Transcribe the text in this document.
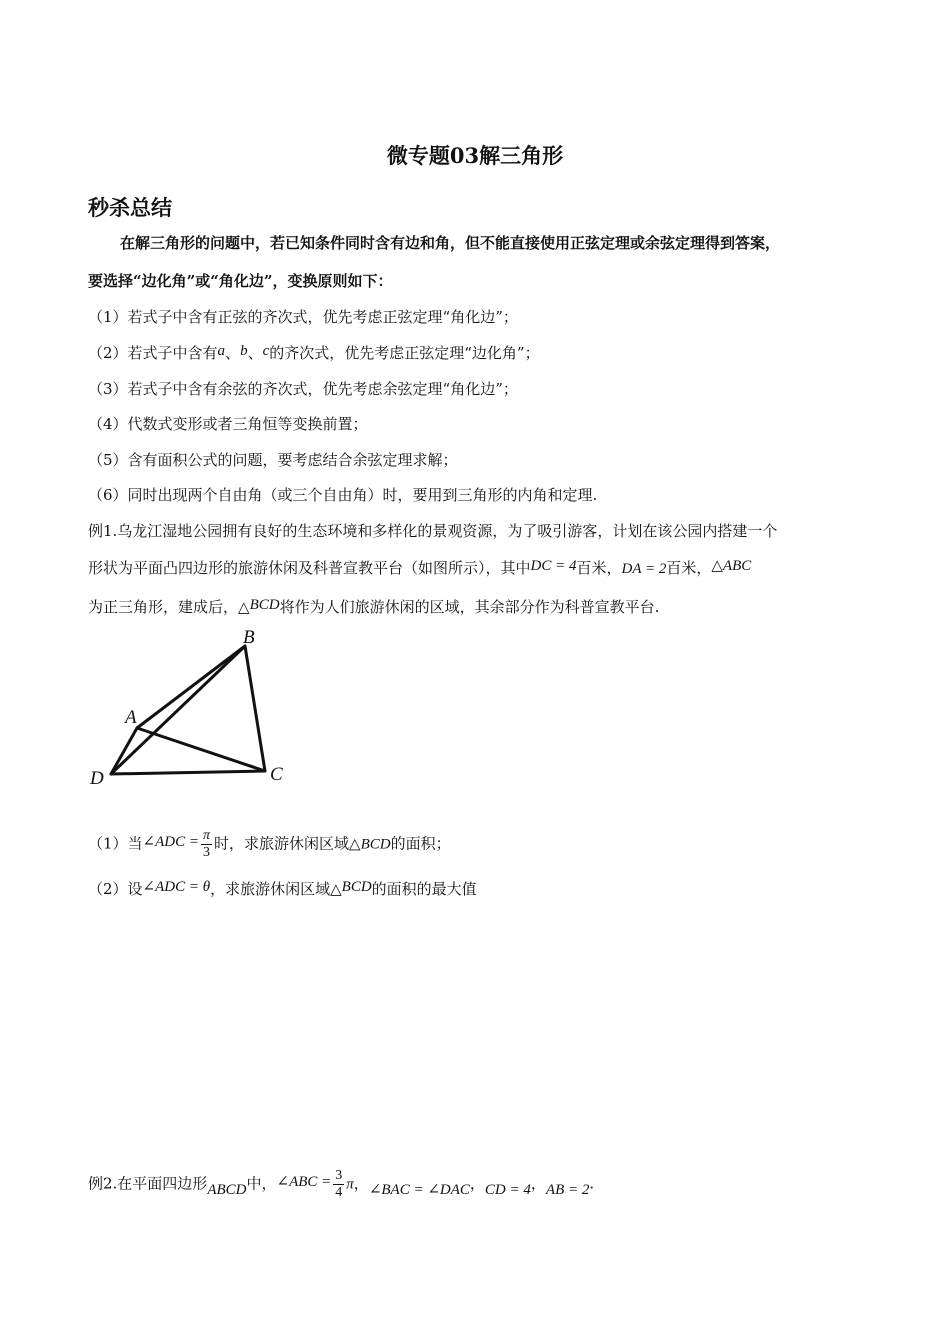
微专题03解三角形
秒杀总结
在解三角形的问题中，若已知条件同时含有边和角，但不能直接使用正弦定理或余弦定理得到答案，
要选择“边化角”或“角化边”，变换原则如下：
（1）若式子中含有正弦的齐次式，优先考虑正弦定理“角化边”；
（2）若式子中含有a、b、c的齐次式，优先考虑正弦定理“边化角”；
（3）若式子中含有余弦的齐次式，优先考虑余弦定理“角化边”；
（4）代数式变形或者三角恒等变换前置；
（5）含有面积公式的问题，要考虑结合余弦定理求解；
（6）同时出现两个自由角（或三个自由角）时，要用到三角形的内角和定理.
例1.乌龙江湿地公园拥有良好的生态环境和多样化的景观资源，为了吸引游客，计划在该公园内搭建一个
形状为平面凸四边形的旅游休闲及科普宣教平台（如图所示），其中DC = 4百米，DA = 2百米，△ABC
为正三角形，建成后，△BCD将作为人们旅游休闲的区域，其余部分作为科普宣教平台.
B
A
D	C
（1）当∠ADC = $\frac{\pi}{3}$ 时，求旅游休闲区域△BCD的面积；
（2）设∠ADC = θ，求旅游休闲区域△BCD的面积的最大值
例2.在平面四边形ABCD中，∠ABC = $\frac{3}{4}$ π，∠BAC = ∠DAC，CD = 4，AB = 2.
